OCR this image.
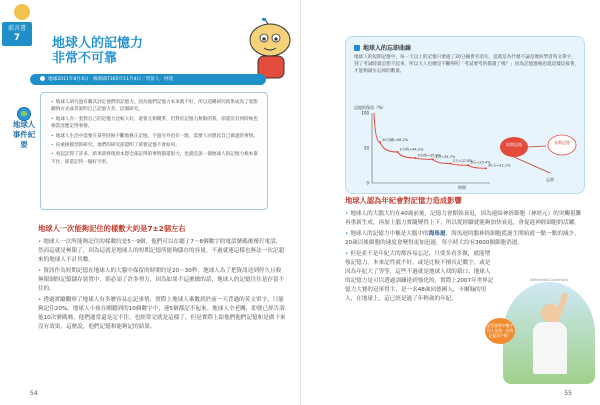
前言書
7	地球人的記憶力
非常不可靠
地球2011年8月4日　緣新聞7365年11月4日／貫留人．阿達
地球人事件紀要

• 地球人研究過有關其評定他們的記憶力。因為他們記憶力本來就不好，所以這種研究結果成為了電影劇情方式或者說明自己記憶力差，這個研究。

• 地球人有一套對自己的記憶力比較人好，還會互相競爭，但對於記憶力無限的我，卻還沒有到時候也相當清楚記得事情。

• 地球人生活中需要在某些時候不斷地修正記憶，不過另外也有一點，需要人回想起自己做過的事情。

• 向重組模型的研究，他們的研究卻證明了卻會記憶不會如何。

• 看起記得了許多，結果卻發現原本想全部記得的事情都還很大，也就是說一個地球人的記憶力根本靠不住，卻還記得一個好字形。

地球人一次能夠記住的樣數大約是7±2個左右

• 地球人一次所能夠記住的樣數約是5～9個，他們可以在聽了7～8個數字的電話號碼後撥打電話，然而這就是極限了，因為這就是地球人的短期記憶所能夠儲存的容量，不過就連這樣也無法一次記超來的地球人不計其數。

• 資訊作為短期記憶在地球人的大腦中保留的時間約是20～30秒，地球人為了把資訊送到停久且較無限制的記憶儲存裝置中，則必須了許多努力，因為如果不這麼做的話，地球人的記憶往往是存留不住的。

• 透過實驗觀察了地球人有多麼容易忘記事情，實際上地球人乘數到於前一天背過的英文單字，只能夠記住20%，地球人小孩在剛聽到的10個數字中，連5個都記不起來。地球人全老關，即便已經告訴他10次號碼嗎，他們通常還是記不住，也經常完就是這樣了，但是實際上給他們他們記憶和是做下來沒有效果，這麼說，他們記憶和能夠記的結果。

54
地球人的忘卻曲線
地球人的短期記憶中，每一天以上的記憶只要過了20分鐘會有消失，這就是為什麼不論是幾何學者英文單字，到了考試時就是想不起來，所以大人也總是不斷嘮叨「考試要考的都讀了嗎？」因為記憶過後也就這樣這接著，才能夠減少忘掉的數量。
記憶的保留（%）
100
50
0
時間
20分鐘=58.2%
1小時=44.2%
9小時=35.8%
1天=33.7%
2天=27.8%
6天=25.4%
30天=21.1%
短期記憶	長期記憶
忘卻
地球人認為年紀會對記憶力造成影響

• 地球人的大腦大約在40歲前後，記憶力會開始衰退，因為連結神經細胞（神經元）的突觸很難再重新生成，再加上腦力實隨變得上下，所以從經驗就能夠加快衰退，會促進神經細胞的活躍。

• 地球人的記憶力中樞是大腦中的海馬迴，海馬迴的腦神經細胞從誕生開始就一點一點的減少，20歲以後細胞的速度會變得更加迅速，每小時大約有3600個細胞消逝。

• 但是並不是年紀大的都容易忘記，只要多看多做，就能增強記憶力。本來記性就不好，或是比較不擅長記數字，或是因為年紀大了等等，這些不過就是地球人找的藉口。地球人的記憶力是可以透過訓練達到強化的，實際上2007年世界記憶力大賽的冠軍得主，是一名48歲同德國人，卡爾翰的男人，在地球上，這已經是過了年輕歲的年紀。

Wikimedia Commons
記得那麼多數字的人是第一名的記憶高手喔！
55
